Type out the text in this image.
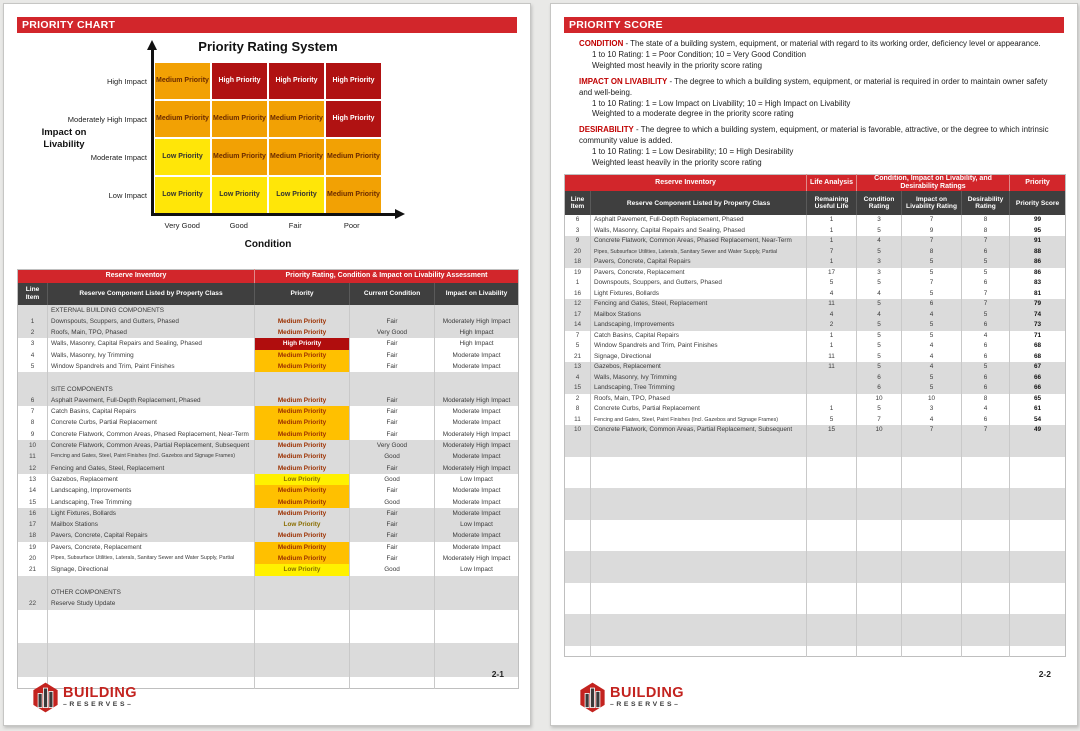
PRIORITY CHART
Priority Rating System
Impact on Livability
High Impact
Moderately High Impact
Moderate Impact
Low Impact
Medium Priority	High Priority	High Priority	High Priority
Medium Priority Medium Priority Medium Priority	High Priority
Low Priority	Medium Priority Medium Priority Medium Priority
Low Priority	Low Priority	Low Priority	Medium Priority
Very Good	Good	Fair	Poor
Condition
Reserve Inventory		Priority Rating, Condition & Impact on Livability Assessment		
Line Item	Reserve Component Listed by Property Class	Priority	Current Condition	Impact on Livability
	EXTERNAL BUILDING COMPONENTS			
1	Downspouts, Scuppers, and Gutters, Phased	Medium Priority	Fair	Moderately High Impact
2	Roofs, Main, TPO, Phased	Medium Priority	Very Good	High Impact
3	Walls, Masonry, Capital Repairs and Sealing, Phased	High Priority	Fair	High Impact
4	Walls, Masonry, Ivy Trimming	Medium Priority	Fair	Moderate Impact
5	Window Spandrels and Trim, Paint Finishes	Medium Priority	Fair	Moderate Impact

	SITE COMPONENTS			
6	Asphalt Pavement, Full-Depth Replacement, Phased	Medium Priority	Fair	Moderately High Impact
7	Catch Basins, Capital Repairs	Medium Priority	Fair	Moderate Impact
8	Concrete Curbs, Partial Replacement	Medium Priority	Fair	Moderate Impact
9	Concrete Flatwork, Common Areas, Phased Replacement, Near-Term	Medium Priority	Fair	Moderately High Impact
10	Concrete Flatwork, Common Areas, Partial Replacement, Subsequent	Medium Priority	Very Good	Moderately High Impact
11	Fencing and Gates, Steel, Paint Finishes (Incl. Gazebos and Signage Frames)	Medium Priority	Good	Moderate Impact
12	Fencing and Gates, Steel, Replacement	Medium Priority	Fair	Moderately High Impact
13	Gazebos, Replacement	Low Priority	Good	Low Impact
14	Landscaping, Improvements	Medium Priority	Fair	Moderate Impact
15	Landscaping, Tree Trimming	Medium Priority	Good	Moderate Impact
16	Light Fixtures, Bollards	Medium Priority	Fair	Moderate Impact
17	Mailbox Stations	Low Priority	Fair	Low Impact
18	Pavers, Concrete, Capital Repairs	Medium Priority	Fair	Moderate Impact
19	Pavers, Concrete, Replacement	Medium Priority	Fair	Moderate Impact
20	Pipes, Subsurface Utilities, Laterals, Sanitary Sewer and Water Supply, Partial	Medium Priority	Fair	Moderately High Impact
21	Signage, Directional	Low Priority	Good	Low Impact

	OTHER COMPONENTS			
22	Reserve Study Update			

2-1
BUILDING
–RESERVES–
PRIORITY SCORE
CONDITION - The state of a building system, equipment, or material with regard to its working order, deficiency level or appearance.
1 to 10 Rating: 1 = Poor Condition; 10 = Very Good Condition
Weighted most heavily in the priority score rating
IMPACT ON LIVABILITY - The degree to which a building system, equipment, or material is required in order to maintain owner safety and well-being.
1 to 10 Rating: 1 = Low Impact on Livability; 10 = High Impact on Livability
Weighted to a moderate degree in the priority score rating
DESIRABILITY - The degree to which a building system, equipment, or material is favorable, attractive, or the degree to which intrinsic community value is added.
1 to 10 Rating: 1 = Low Desirability; 10 = High Desirability
Weighted least heavily in the priority score rating
Reserve Inventory		Life Analysis	Condition, Impact on Livability, and Desirability Ratings			Priority
Line Item	Reserve Component Listed by Property Class	Remaining Useful Life	Condition Rating	Impact on Livability Rating	Desirability Rating	Priority Score
6	Asphalt Pavement, Full-Depth Replacement, Phased	1	3	7	8	99
3	Walls, Masonry, Capital Repairs and Sealing, Phased	1	5	9	8	95
9	Concrete Flatwork, Common Areas, Phased Replacement, Near-Term	1	4	7	7	91
20	Pipes, Subsurface Utilities, Laterals, Sanitary Sewer and Water Supply, Partial	7	5	8	6	88
18	Pavers, Concrete, Capital Repairs	1	3	5	5	86
19	Pavers, Concrete, Replacement	17	3	5	5	86
1	Downspouts, Scuppers, and Gutters, Phased	5	5	7	6	83
16	Light Fixtures, Bollards	4	4	5	7	81
12	Fencing and Gates, Steel, Replacement	11	5	6	7	79
17	Mailbox Stations	4	4	4	5	74
14	Landscaping, Improvements	2	5	5	6	73
7	Catch Basins, Capital Repairs	1	5	5	4	71
5	Window Spandrels and Trim, Paint Finishes	1	5	4	6	68
21	Signage, Directional	11	5	4	6	68
13	Gazebos, Replacement	11	5	4	5	67
4	Walls, Masonry, Ivy Trimming		6	5	6	66
15	Landscaping, Tree Trimming		6	5	6	66
2	Roofs, Main, TPO, Phased		10	10	8	65
8	Concrete Curbs, Partial Replacement	1	5	3	4	61
11	Fencing and Gates, Steel, Paint Finishes (Incl. Gazebos and Signage Frames)	5	7	4	6	54
10	Concrete Flatwork, Common Areas, Partial Replacement, Subsequent	15	10	7	7	49

2-2
BUILDING
–RESERVES–
